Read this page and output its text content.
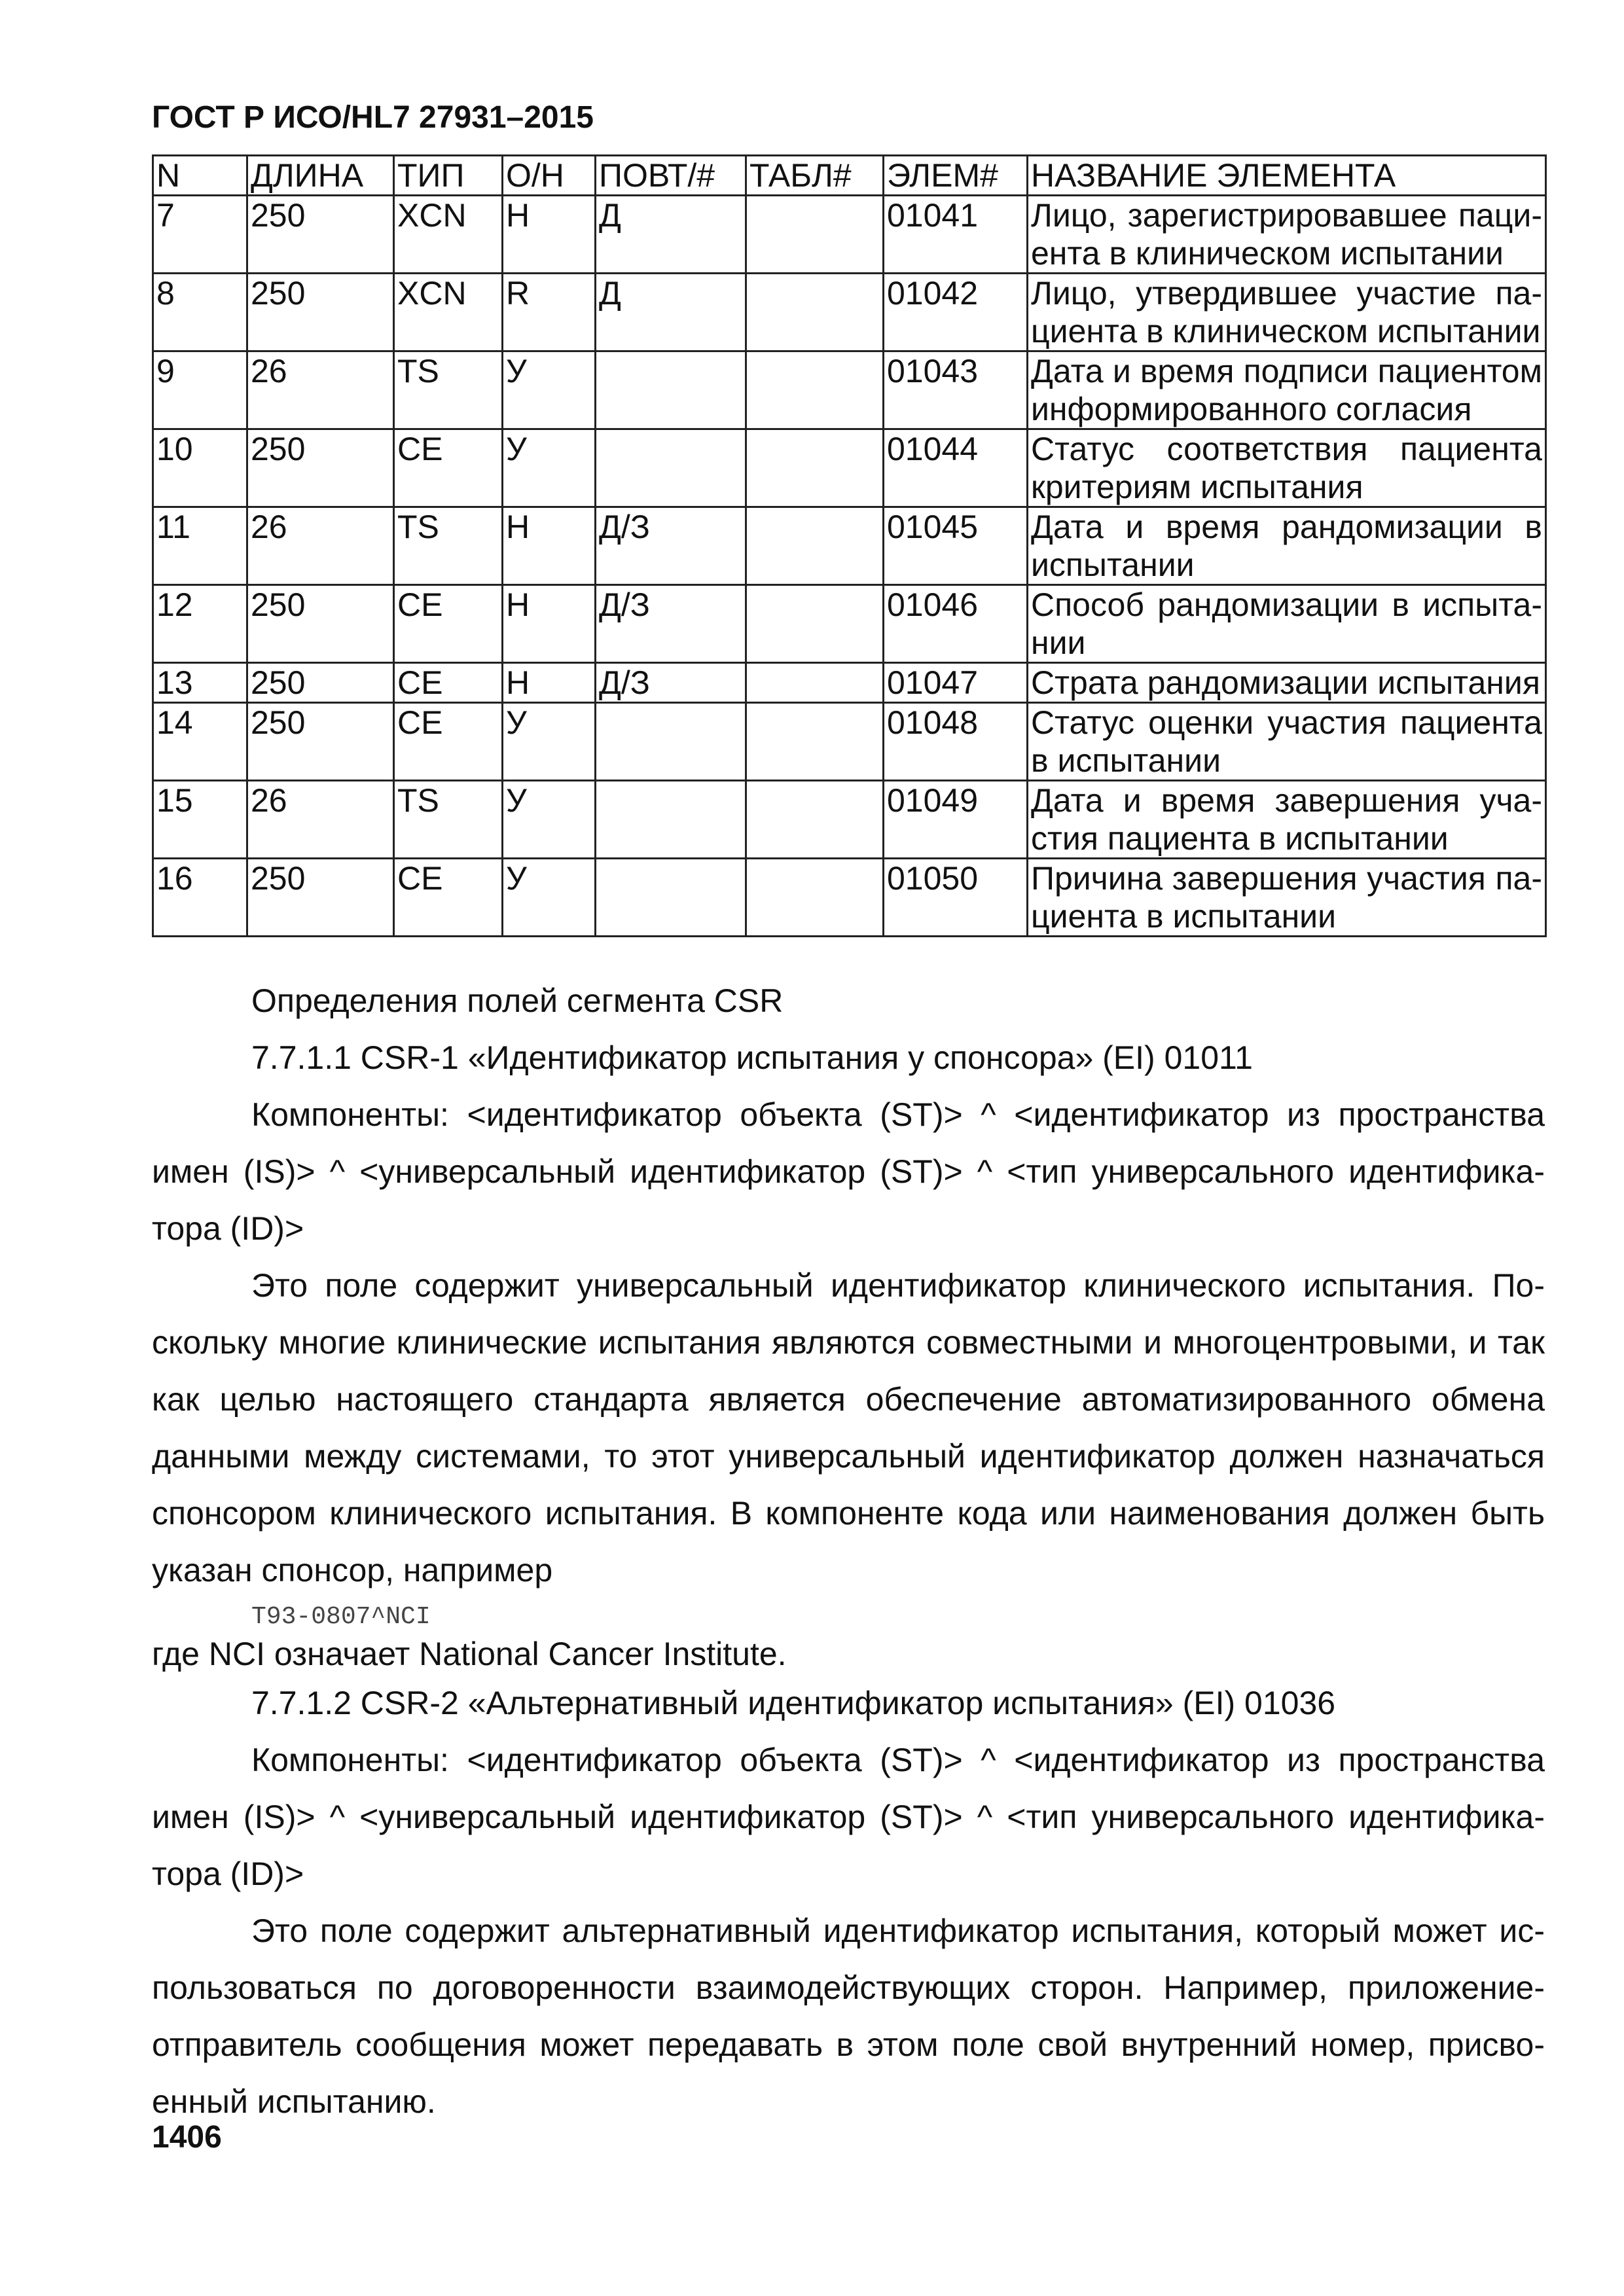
ГОСТ Р ИСО/HL7 27931–2015
N	ДЛИНА	ТИП	О/Н	ПОВТ/#	ТАБЛ#	ЭЛЕМ#	НАЗВАНИЕ ЭЛЕМЕНТА
7	250	XCN	Н	Д		01041	Лицо, зарегистрировавшее пациента в клиническом испытании
8	250	XCN	R	Д		01042	Лицо, утвердившее участие пациента в клиническом испытании
9	26	TS	У			01043	Дата и время подписи пациентом информированного согласия
10	250	CE	У			01044	Статус соответствия пациента критериям испытания
11	26	TS	Н	Д/З		01045	Дата и время рандомизации в испытании
12	250	CE	Н	Д/З		01046	Способ рандомизации в испытании
13	250	CE	Н	Д/З		01047	Страта рандомизации испытания
14	250	CE	У			01048	Статус оценки участия пациента в испытании
15	26	TS	У			01049	Дата и время завершения участия пациента в испытании
16	250	CE	У			01050	Причина завершения участия пациента в испытании

Определения полей сегмента CSR

7.7.1.1 CSR-1 «Идентификатор испытания у спонсора» (EI) 01011

Компоненты: <идентификатор объекта (ST)> ^ <идентификатор из пространства имен (IS)> ^ <универсальный идентификатор (ST)> ^ <тип универсального идентификатора (ID)>

Это поле содержит универсальный идентификатор клинического испытания. Поскольку многие клинические испытания являются совместными и многоцентровыми, и так как целью настоящего стандарта является обеспечение автоматизированного обмена данными между системами, то этот универсальный идентификатор должен назначаться спонсором клинического испытания. В компоненте кода или наименования должен быть указан спонсор, например

T93-0807^NCI

где NCI означает National Cancer Institute.

7.7.1.2 CSR-2 «Альтернативный идентификатор испытания» (EI) 01036

Компоненты: <идентификатор объекта (ST)> ^ <идентификатор из пространства имен (IS)> ^ <универсальный идентификатор (ST)> ^ <тип универсального идентификатора (ID)>

Это поле содержит альтернативный идентификатор испытания, который может использоваться по договоренности взаимодействующих сторон. Например, приложение-отправитель сообщения может передавать в этом поле свой внутренний номер, присвоенный испытанию.

1406
